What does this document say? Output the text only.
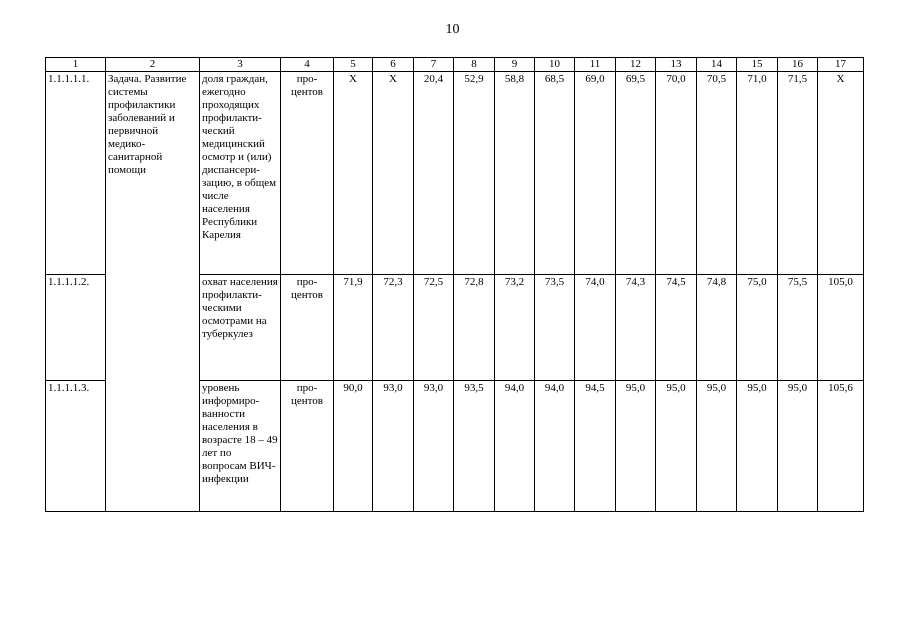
10
1	2	3	4	5	6	7	8	9	10	11	12	13	14	15	16	17
1.1.1.1.1.	Задача. Развитие системы профилактики заболеваний и первичной медико-санитарной помощи	доля граждан, ежегодно проходящих профилакти-ческий медицинский осмотр и (или) диспансери-зацию, в общем числе населения Республики Карелия	про-центов	Х	Х	20,4	52,9	58,8	68,5	69,0	69,5	70,0	70,5	71,0	71,5	Х
1.1.1.1.2.		охват населения профилакти-ческими осмотрами на туберкулез	про-центов	71,9	72,3	72,5	72,8	73,2	73,5	74,0	74,3	74,5	74,8	75,0	75,5	105,0
1.1.1.1.3.		уровень информиро-ванности населения в возрасте 18 – 49 лет по вопросам ВИЧ-инфекции	про-центов	90,0	93,0	93,0	93,5	94,0	94,0	94,5	95,0	95,0	95,0	95,0	95,0	105,6
